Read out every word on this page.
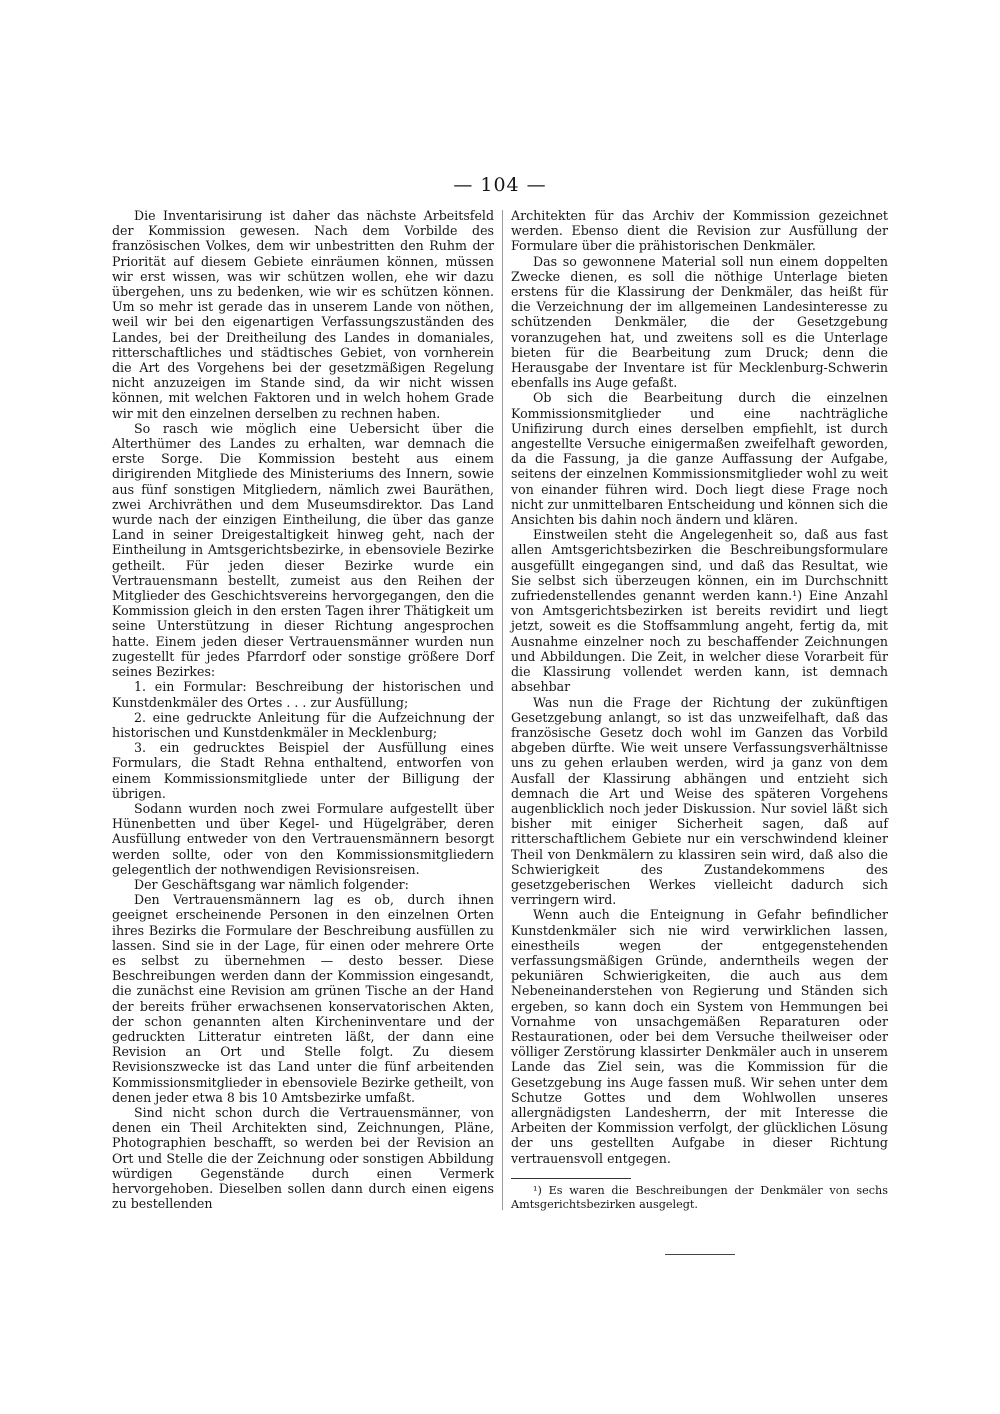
— 104 —

Die Inventarisirung ist daher das nächste Arbeitsfeld der Kommission gewesen. Nach dem Vorbilde des französischen Volkes, dem wir unbestritten den Ruhm der Priorität auf diesem Gebiete einräumen können, müssen wir erst wissen, was wir schützen wollen, ehe wir dazu übergehen, uns zu bedenken, wie wir es schützen können. Um so mehr ist gerade das in unserem Lande von nöthen, weil wir bei den eigenartigen Verfassungszuständen des Landes, bei der Dreitheilung des Landes in domaniales, ritterschaftliches und städtisches Gebiet, von vornherein die Art des Vorgehens bei der gesetzmäßigen Regelung nicht anzuzeigen im Stande sind, da wir nicht wissen können, mit welchen Faktoren und in welch hohem Grade wir mit den einzelnen derselben zu rechnen haben.

So rasch wie möglich eine Uebersicht über die Alterthümer des Landes zu erhalten, war demnach die erste Sorge. Die Kommission besteht aus einem dirigirenden Mitgliede des Ministeriums des Innern, sowie aus fünf sonstigen Mitgliedern, nämlich zwei Bauräthen, zwei Archivräthen und dem Museumsdirektor. Das Land wurde nach der einzigen Eintheilung, die über das ganze Land in seiner Dreigestaltigkeit hinweg geht, nach der Eintheilung in Amtsgerichtsbezirke, in ebensoviele Bezirke getheilt. Für jeden dieser Bezirke wurde ein Vertrauensmann bestellt, zumeist aus den Reihen der Mitglieder des Geschichtsvereins hervorgegangen, den die Kommission gleich in den ersten Tagen ihrer Thätigkeit um seine Unterstützung in dieser Richtung angesprochen hatte. Einem jeden dieser Vertrauensmänner wurden nun zugestellt für jedes Pfarrdorf oder sonstige größere Dorf seines Bezirkes:

1. ein Formular: Beschreibung der historischen und Kunstdenkmäler des Ortes . . . zur Ausfüllung;

2. eine gedruckte Anleitung für die Aufzeichnung der historischen und Kunstdenkmäler in Mecklenburg;

3. ein gedrucktes Beispiel der Ausfüllung eines Formulars, die Stadt Rehna enthaltend, entworfen von einem Kommissionsmitgliede unter der Billigung der übrigen.

Sodann wurden noch zwei Formulare aufgestellt über Hünenbetten und über Kegel- und Hügelgräber, deren Ausfüllung entweder von den Vertrauensmännern besorgt werden sollte, oder von den Kommissionsmitgliedern gelegentlich der nothwendigen Revisionsreisen.

Der Geschäftsgang war nämlich folgender:

Den Vertrauensmännern lag es ob, durch ihnen geeignet erscheinende Personen in den einzelnen Orten ihres Bezirks die Formulare der Beschreibung ausfüllen zu lassen. Sind sie in der Lage, für einen oder mehrere Orte es selbst zu übernehmen — desto besser. Diese Beschreibungen werden dann der Kommission eingesandt, die zunächst eine Revision am grünen Tische an der Hand der bereits früher erwachsenen konservatorischen Akten, der schon genannten alten Kircheninventare und der gedruckten Litteratur eintreten läßt, der dann eine Revision an Ort und Stelle folgt. Zu diesem Revisionszwecke ist das Land unter die fünf arbeitenden Kommissionsmitglieder in ebensoviele Bezirke getheilt, von denen jeder etwa 8 bis 10 Amtsbezirke umfaßt.

Sind nicht schon durch die Vertrauensmänner, von denen ein Theil Architekten sind, Zeichnungen, Pläne, Photographien beschafft, so werden bei der Revision an Ort und Stelle die der Zeichnung oder sonstigen Abbildung würdigen Gegenstände durch einen Vermerk hervorgehoben. Dieselben sollen dann durch einen eigens zu bestellenden

Architekten für das Archiv der Kommission gezeichnet werden. Ebenso dient die Revision zur Ausfüllung der Formulare über die prähistorischen Denkmäler.

Das so gewonnene Material soll nun einem doppelten Zwecke dienen, es soll die nöthige Unterlage bieten erstens für die Klassirung der Denkmäler, das heißt für die Verzeichnung der im allgemeinen Landesinteresse zu schützenden Denkmäler, die der Gesetzgebung voranzugehen hat, und zweitens soll es die Unterlage bieten für die Bearbeitung zum Druck; denn die Herausgabe der Inventare ist für Mecklenburg-Schwerin ebenfalls ins Auge gefaßt.

Ob sich die Bearbeitung durch die einzelnen Kommissionsmitglieder und eine nachträgliche Unifizirung durch eines derselben empfiehlt, ist durch angestellte Versuche einigermaßen zweifelhaft geworden, da die Fassung, ja die ganze Auffassung der Aufgabe, seitens der einzelnen Kommissionsmitglieder wohl zu weit von einander führen wird. Doch liegt diese Frage noch nicht zur unmittelbaren Entscheidung und können sich die Ansichten bis dahin noch ändern und klären.

Einstweilen steht die Angelegenheit so, daß aus fast allen Amtsgerichtsbezirken die Beschreibungsformulare ausgefüllt eingegangen sind, und daß das Resultat, wie Sie selbst sich überzeugen können, ein im Durchschnitt zufriedenstellendes genannt werden kann.¹) Eine Anzahl von Amtsgerichtsbezirken ist bereits revidirt und liegt jetzt, soweit es die Stoffsammlung angeht, fertig da, mit Ausnahme einzelner noch zu beschaffender Zeichnungen und Abbildungen. Die Zeit, in welcher diese Vorarbeit für die Klassirung vollendet werden kann, ist demnach absehbar

Was nun die Frage der Richtung der zukünftigen Gesetzgebung anlangt, so ist das unzweifelhaft, daß das französische Gesetz doch wohl im Ganzen das Vorbild abgeben dürfte. Wie weit unsere Verfassungsverhältnisse uns zu gehen erlauben werden, wird ja ganz von dem Ausfall der Klassirung abhängen und entzieht sich demnach die Art und Weise des späteren Vorgehens augenblicklich noch jeder Diskussion. Nur soviel läßt sich bisher mit einiger Sicherheit sagen, daß auf ritterschaftlichem Gebiete nur ein verschwindend kleiner Theil von Denkmälern zu klassiren sein wird, daß also die Schwierigkeit des Zustandekommens des gesetzgeberischen Werkes vielleicht dadurch sich verringern wird.

Wenn auch die Enteignung in Gefahr befindlicher Kunstdenkmäler sich nie wird verwirklichen lassen, einestheils wegen der entgegenstehenden verfassungsmäßigen Gründe, anderntheils wegen der pekuniären Schwierigkeiten, die auch aus dem Nebeneinanderstehen von Regierung und Ständen sich ergeben, so kann doch ein System von Hemmungen bei Vornahme von unsachgemäßen Reparaturen oder Restaurationen, oder bei dem Versuche theilweiser oder völliger Zerstörung klassirter Denkmäler auch in unserem Lande das Ziel sein, was die Kommission für die Gesetzgebung ins Auge fassen muß. Wir sehen unter dem Schutze Gottes und dem Wohlwollen unseres allergnädigsten Landesherrn, der mit Interesse die Arbeiten der Kommission verfolgt, der glücklichen Lösung der uns gestellten Aufgabe in dieser Richtung vertrauensvoll entgegen.

¹) Es waren die Beschreibungen der Denkmäler von sechs Amtsgerichtsbezirken ausgelegt.
